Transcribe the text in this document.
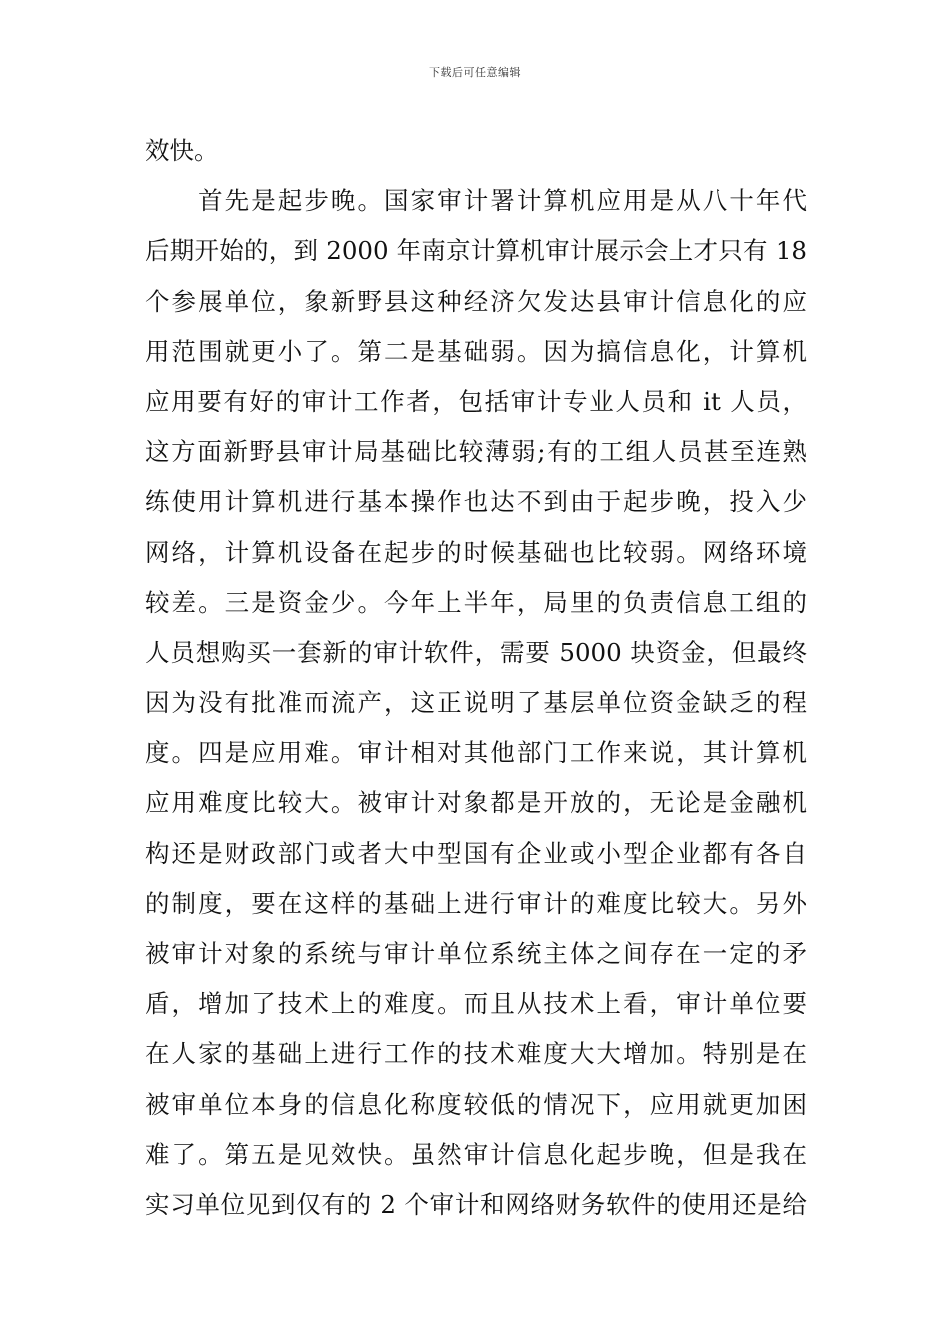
下载后可任意编辑
效快。
　　首先是起步晚。国家审计署计算机应用是从八十年代
后期开始的，到 2000 年南京计算机审计展示会上才只有 18
个参展单位，象新野县这种经济欠发达县审计信息化的应
用范围就更小了。第二是基础弱。因为搞信息化，计算机
应用要有好的审计工作者，包括审计专业人员和 it 人员，
这方面新野县审计局基础比较薄弱;有的工组人员甚至连熟
练使用计算机进行基本操作也达不到由于起步晚，投入少
网络，计算机设备在起步的时候基础也比较弱。网络环境
较差。三是资金少。今年上半年，局里的负责信息工组的
人员想购买一套新的审计软件，需要 5000 块资金，但最终
因为没有批准而流产，这正说明了基层单位资金缺乏的程
度。四是应用难。审计相对其他部门工作来说，其计算机
应用难度比较大。被审计对象都是开放的，无论是金融机
构还是财政部门或者大中型国有企业或小型企业都有各自
的制度，要在这样的基础上进行审计的难度比较大。另外
被审计对象的系统与审计单位系统主体之间存在一定的矛
盾，增加了技术上的难度。而且从技术上看，审计单位要
在人家的基础上进行工作的技术难度大大增加。特别是在
被审单位本身的信息化称度较低的情况下，应用就更加困
难了。第五是见效快。虽然审计信息化起步晚，但是我在
实习单位见到仅有的 2 个审计和网络财务软件的使用还是给
